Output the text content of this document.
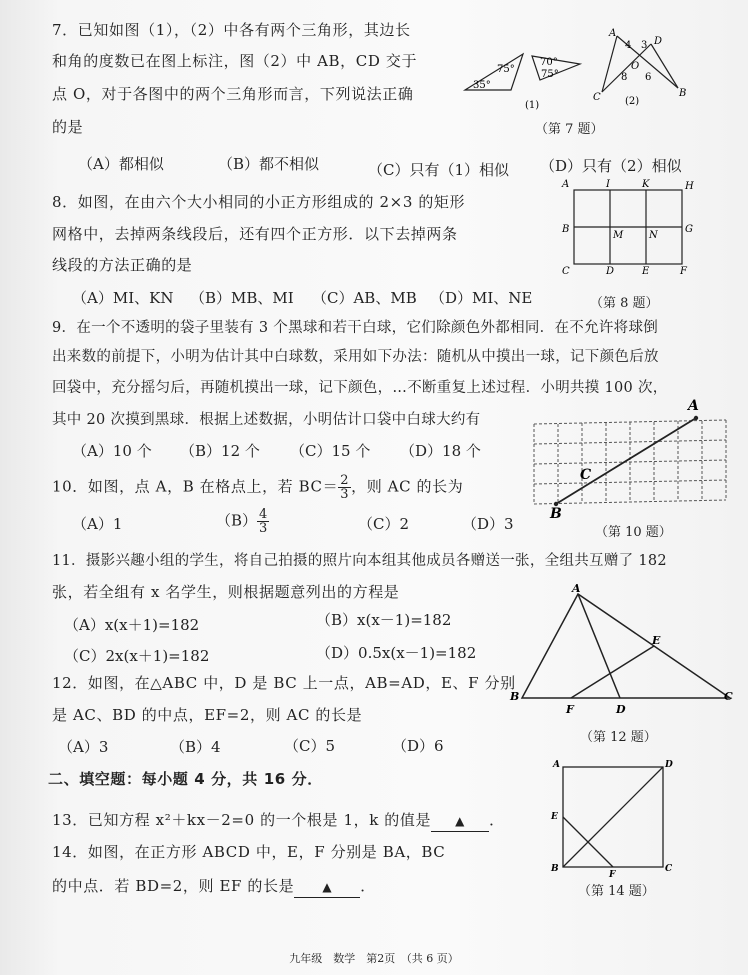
7．已知如图（1），（2）中各有两个三角形，其边长
和角的度数已在图上标注，图（2）中 AB，CD 交于
点 O，对于各图中的两个三角形而言，下列说法正确
的是
75°
35°
70°
75°
A
4 3 D
8
O
6
C	B
(1)	(2)
（第 7 题）
（A）都相似	（B）都不相似	（C）只有（1）相似 （D）只有（2）相似
8．如图，在由六个大小相同的小正方形组成的 2×3 的矩形
网格中，去掉两条线段后，还有四个正方形．以下去掉两条
线段的方法正确的是
A	I	K	H
B
M	N
G
C	D	E	F
（第 8 题）
（A）MI、KN （B）MB、MI （C）AB、MB （D）MI、NE
9．在一个不透明的袋子里装有 3 个黑球和若干白球，它们除颜色外都相同．在不允许将球倒
出来数的前提下，小明为估计其中白球数，采用如下办法：随机从中摸出一球，记下颜色后放
回袋中，充分摇匀后，再随机摸出一球，记下颜色，…不断重复上述过程．小明共摸 100 次，
其中 20 次摸到黑球．根据上述数据，小明估计口袋中白球大约有
（A）10 个 （B）12 个 （C）15 个 （D）18 个
10．如图，点 A，B 在格点上，若 $BC= \frac{2}{3}$ ，则 AC 的长为
A
C
B
（第 10 题）
（A）1	$(B) \frac{4}{3}$	（C）2	（D）3
11．摄影兴趣小组的学生，将自己拍摄的照片向本组其他成员各赠送一张，全组共互赠了 182
张，若全组有 x 名学生，则根据题意列出的方程是
（A）x(x＋1)=182	（B）x(x－1)=182
（C）2x(x＋1)=182	（D）0.5x(x－1)=182
A
E
B
F	D
C
（第 12 题）
12．如图，在△ABC 中，D 是 BC 上一点，AB=AD，E、F 分别
是 AC、BD 的中点，EF=2，则 AC 的长是
（A）3	（B）4	（C）5	（D）6
二、填空题：每小题 4 分，共 16 分．
13．已知方程 x²＋kx－2=0 的一个根是 1，k 的值是 ▲ ．
14．如图，在正方形 ABCD 中，E，F 分别是 BA，BC
的中点．若 BD=2，则 EF 的长是 ▲ ．
A	D
E
B
F
C
（第 14 题）
九年级　数学　第2页　（共 6 页）
